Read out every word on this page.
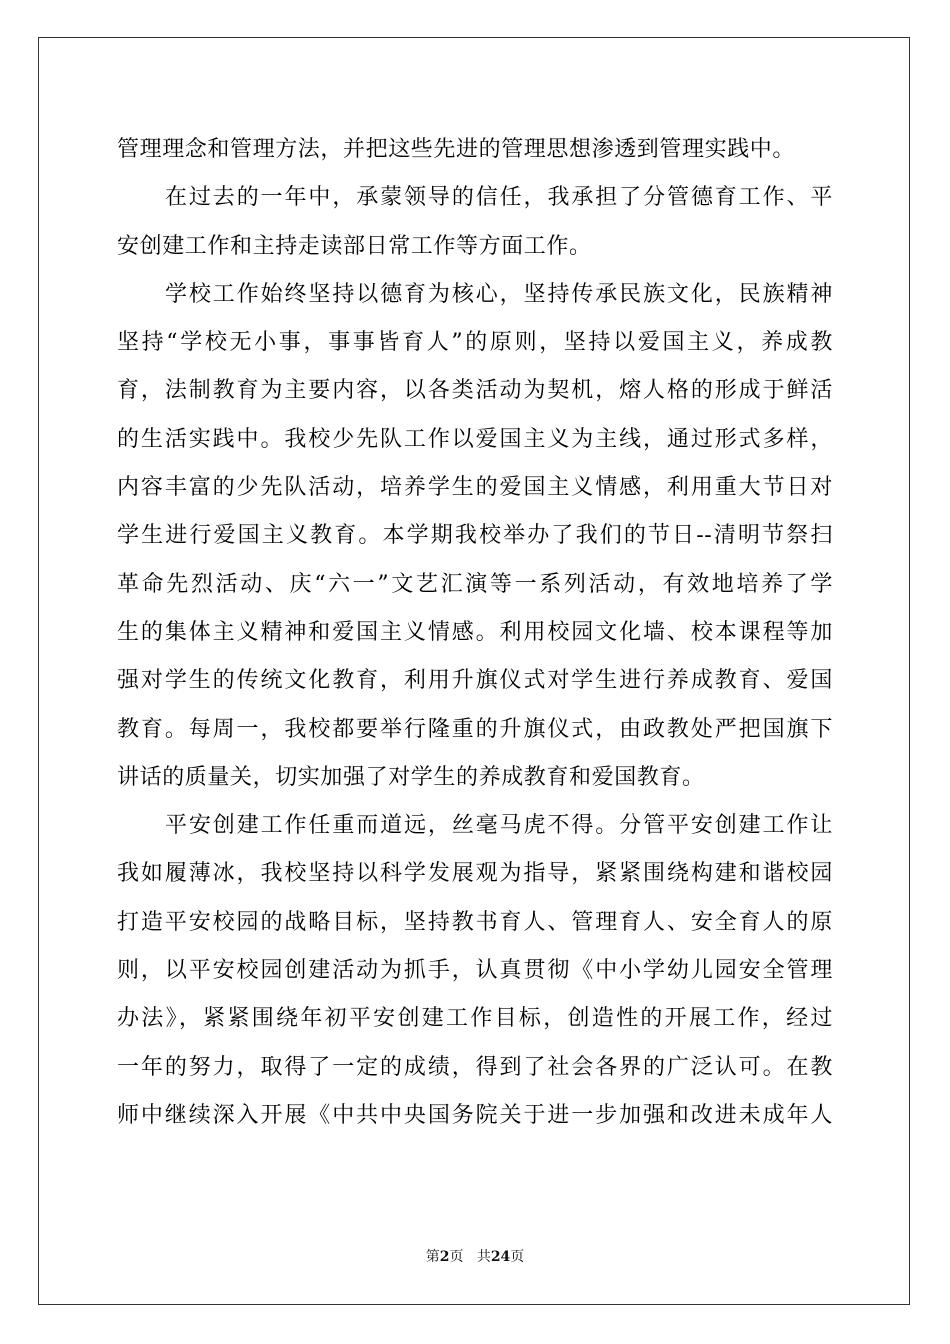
管理理念和管理方法，并把这些先进的管理思想渗透到管理实践中。
在过去的一年中，承蒙领导的信任，我承担了分管德育工作、平
安创建工作和主持走读部日常工作等方面工作。
学校工作始终坚持以德育为核心，坚持传承民族文化，民族精神
坚持“学校无小事，事事皆育人”的原则，坚持以爱国主义，养成教
育，法制教育为主要内容，以各类活动为契机，熔人格的形成于鲜活
的生活实践中。我校少先队工作以爱国主义为主线，通过形式多样，
内容丰富的少先队活动，培养学生的爱国主义情感，利用重大节日对
学生进行爱国主义教育。本学期我校举办了我们的节日--清明节祭扫
革命先烈活动、庆“六一”文艺汇演等一系列活动，有效地培养了学
生的集体主义精神和爱国主义情感。利用校园文化墙、校本课程等加
强对学生的传统文化教育，利用升旗仪式对学生进行养成教育、爱国
教育。每周一，我校都要举行隆重的升旗仪式，由政教处严把国旗下
讲话的质量关，切实加强了对学生的养成教育和爱国教育。
平安创建工作任重而道远，丝毫马虎不得。分管平安创建工作让
我如履薄冰，我校坚持以科学发展观为指导，紧紧围绕构建和谐校园
打造平安校园的战略目标，坚持教书育人、管理育人、安全育人的原
则，以平安校园创建活动为抓手，认真贯彻《中小学幼儿园安全管理
办法》，紧紧围绕年初平安创建工作目标，创造性的开展工作，经过
一年的努力，取得了一定的成绩，得到了社会各界的广泛认可。在教
师中继续深入开展《中共中央国务院关于进一步加强和改进未成年人
第2页 共24页
